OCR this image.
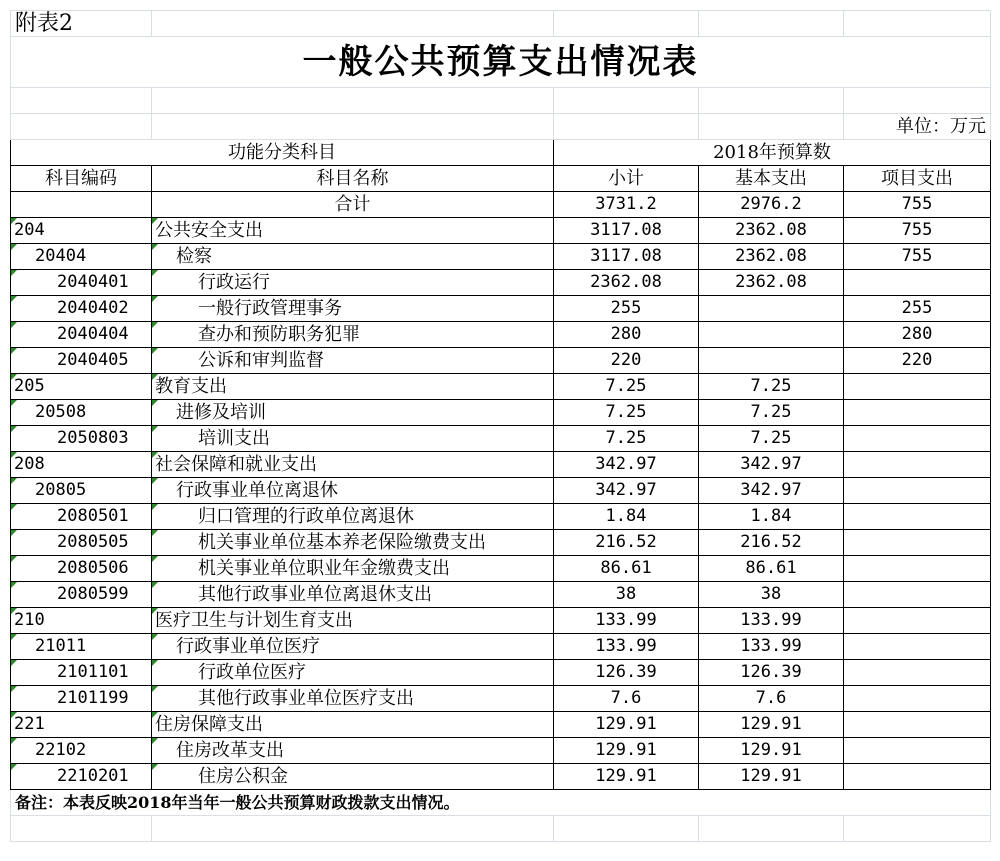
附表2				
一般公共预算支出情况表				

				单位：万元
功能分类科目		2018年预算数		
科目编码	科目名称	小计	基本支出	项目支出
	合计	3731.2	2976.2	755
204	公共安全支出	3117.08	2362.08	755
20404	检察	3117.08	2362.08	755
2040401	行政运行	2362.08	2362.08	
2040402	一般行政管理事务	255		255
2040404	查办和预防职务犯罪	280		280
2040405	公诉和审判监督	220		220
205	教育支出	7.25	7.25	
20508	进修及培训	7.25	7.25	
2050803	培训支出	7.25	7.25	
208	社会保障和就业支出	342.97	342.97	
20805	行政事业单位离退休	342.97	342.97	
2080501	归口管理的行政单位离退休	1.84	1.84	
2080505	机关事业单位基本养老保险缴费支出	216.52	216.52	
2080506	机关事业单位职业年金缴费支出	86.61	86.61	
2080599	其他行政事业单位离退休支出	38	38	
210	医疗卫生与计划生育支出	133.99	133.99	
21011	行政事业单位医疗	133.99	133.99	
2101101	行政单位医疗	126.39	126.39	
2101199	其他行政事业单位医疗支出	7.6	7.6	
221	住房保障支出	129.91	129.91	
22102	住房改革支出	129.91	129.91	
2210201	住房公积金	129.91	129.91	
备注：本表反映2018年当年一般公共预算财政拨款支出情况。				
